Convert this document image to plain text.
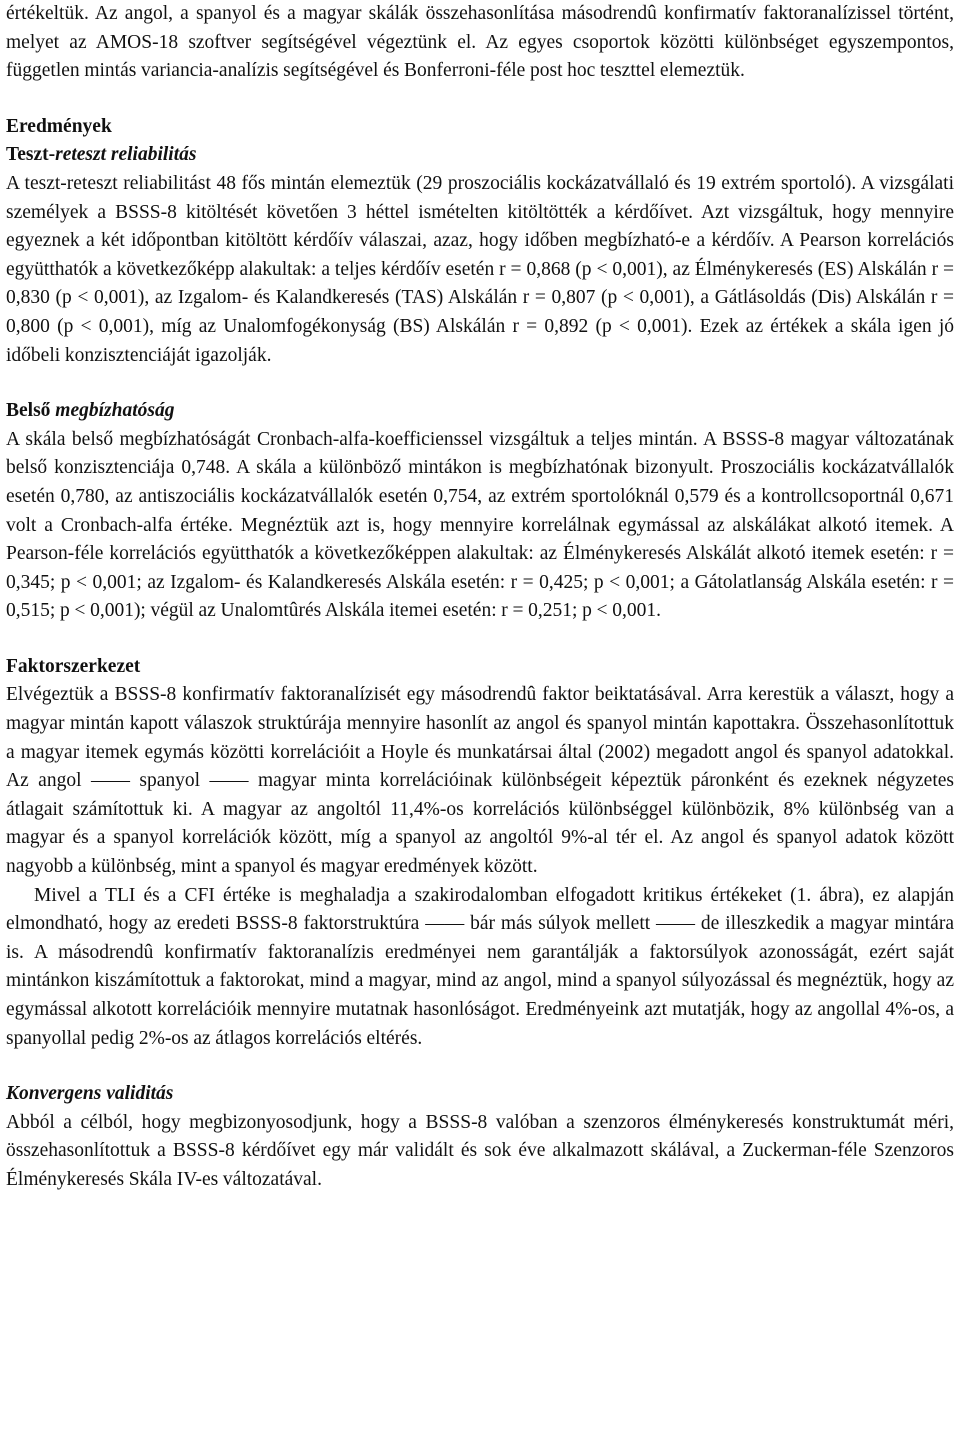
értékeltük. Az angol, a spanyol és a magyar skálák összehasonlítása másodrendû konfirmatív faktoranalízissel történt, melyet az AMOS-18 szoftver segítségével végeztünk el. Az egyes csoportok közötti különbséget egyszempontos, független mintás variancia-analízis segítségével és Bonferroni-féle post hoc teszttel elemeztük.

Eredmények
Teszt-reteszt reliabilitás

A teszt-reteszt reliabilitást 48 fős mintán elemeztük (29 proszociális kockázatvállaló és 19 extrém sportoló). A vizsgálati személyek a BSSS-8 kitöltését követően 3 héttel ismételten kitöltötték a kérdőívet. Azt vizsgáltuk, hogy mennyire egyeznek a két időpontban kitöltött kérdőív válaszai, azaz, hogy időben megbízható-e a kérdőív. A Pearson korrelációs együtthatók a következőképp alakultak: a teljes kérdőív esetén r = 0,868 (p < 0,001), az Élménykeresés (ES) Alskálán r = 0,830 (p < 0,001), az Izgalom- és Kalandkeresés (TAS) Alskálán r = 0,807 (p < 0,001), a Gátlásoldás (Dis) Alskálán r = 0,800 (p < 0,001), míg az Unalomfogékonyság (BS) Alskálán r = 0,892 (p < 0,001). Ezek az értékek a skála igen jó időbeli konzisztenciáját igazolják.

Belső megbízhatóság

A skála belső megbízhatóságát Cronbach-alfa-koefficienssel vizsgáltuk a teljes mintán. A BSSS-8 magyar változatának belső konzisztenciája 0,748. A skála a különböző mintákon is megbízhatónak bizonyult. Proszociális kockázatvállalók esetén 0,780, az antiszociális kockázatvállalók esetén 0,754, az extrém sportolóknál 0,579 és a kontrollcsoportnál 0,671 volt a Cronbach-alfa értéke. Megnéztük azt is, hogy mennyire korrelálnak egymással az alskálákat alkotó itemek. A Pearson-féle korrelációs együtthatók a következőképpen alakultak: az Élménykeresés Alskálát alkotó itemek esetén: r = 0,345; p < 0,001; az Izgalom- és Kalandkeresés Alskála esetén: r = 0,425; p < 0,001; a Gátolatlanság Alskála esetén: r = 0,515; p < 0,001); végül az Unalomtûrés Alskála itemei esetén: r = 0,251; p < 0,001.

Faktorszerkezet

Elvégeztük a BSSS-8 konfirmatív faktoranalízisét egy másodrendû faktor beiktatásával. Arra kerestük a választ, hogy a magyar mintán kapott válaszok struktúrája mennyire hasonlít az angol és spanyol mintán kapottakra. Összehasonlítottuk a magyar itemek egymás közötti korrelációit a Hoyle és munkatársai által (2002) megadott angol és spanyol adatokkal. Az angol —— spanyol —— magyar minta korrelációinak különbségeit képeztük páronként és ezeknek négyzetes átlagait számítottuk ki. A magyar az angoltól 11,4%-os korrelációs különbséggel különbözik, 8% különbség van a magyar és a spanyol korrelációk között, míg a spanyol az angoltól 9%-al tér el. Az angol és spanyol adatok között nagyobb a különbség, mint a spanyol és magyar eredmények között.

Mivel a TLI és a CFI értéke is meghaladja a szakirodalomban elfogadott kritikus értékeket (1. ábra), ez alapján elmondható, hogy az eredeti BSSS-8 faktorstruktúra —— bár más súlyok mellett —— de illeszkedik a magyar mintára is. A másodrendû konfirmatív faktoranalízis eredményei nem garantálják a faktorsúlyok azonosságát, ezért saját mintánkon kiszámítottuk a faktorokat, mind a magyar, mind az angol, mind a spanyol súlyozással és megnéztük, hogy az egymással alkotott korrelációik mennyire mutatnak hasonlóságot. Eredményeink azt mutatják, hogy az angollal 4%-os, a spanyollal pedig 2%-os az átlagos korrelációs eltérés.

Konvergens validitás

Abból a célból, hogy megbizonyosodjunk, hogy a BSSS-8 valóban a szenzoros élménykeresés konstruktumát méri, összehasonlítottuk a BSSS-8 kérdőívet egy már validált és sok éve alkalmazott skálával, a Zuckerman-féle Szenzoros Élménykeresés Skála IV-es változatával.
